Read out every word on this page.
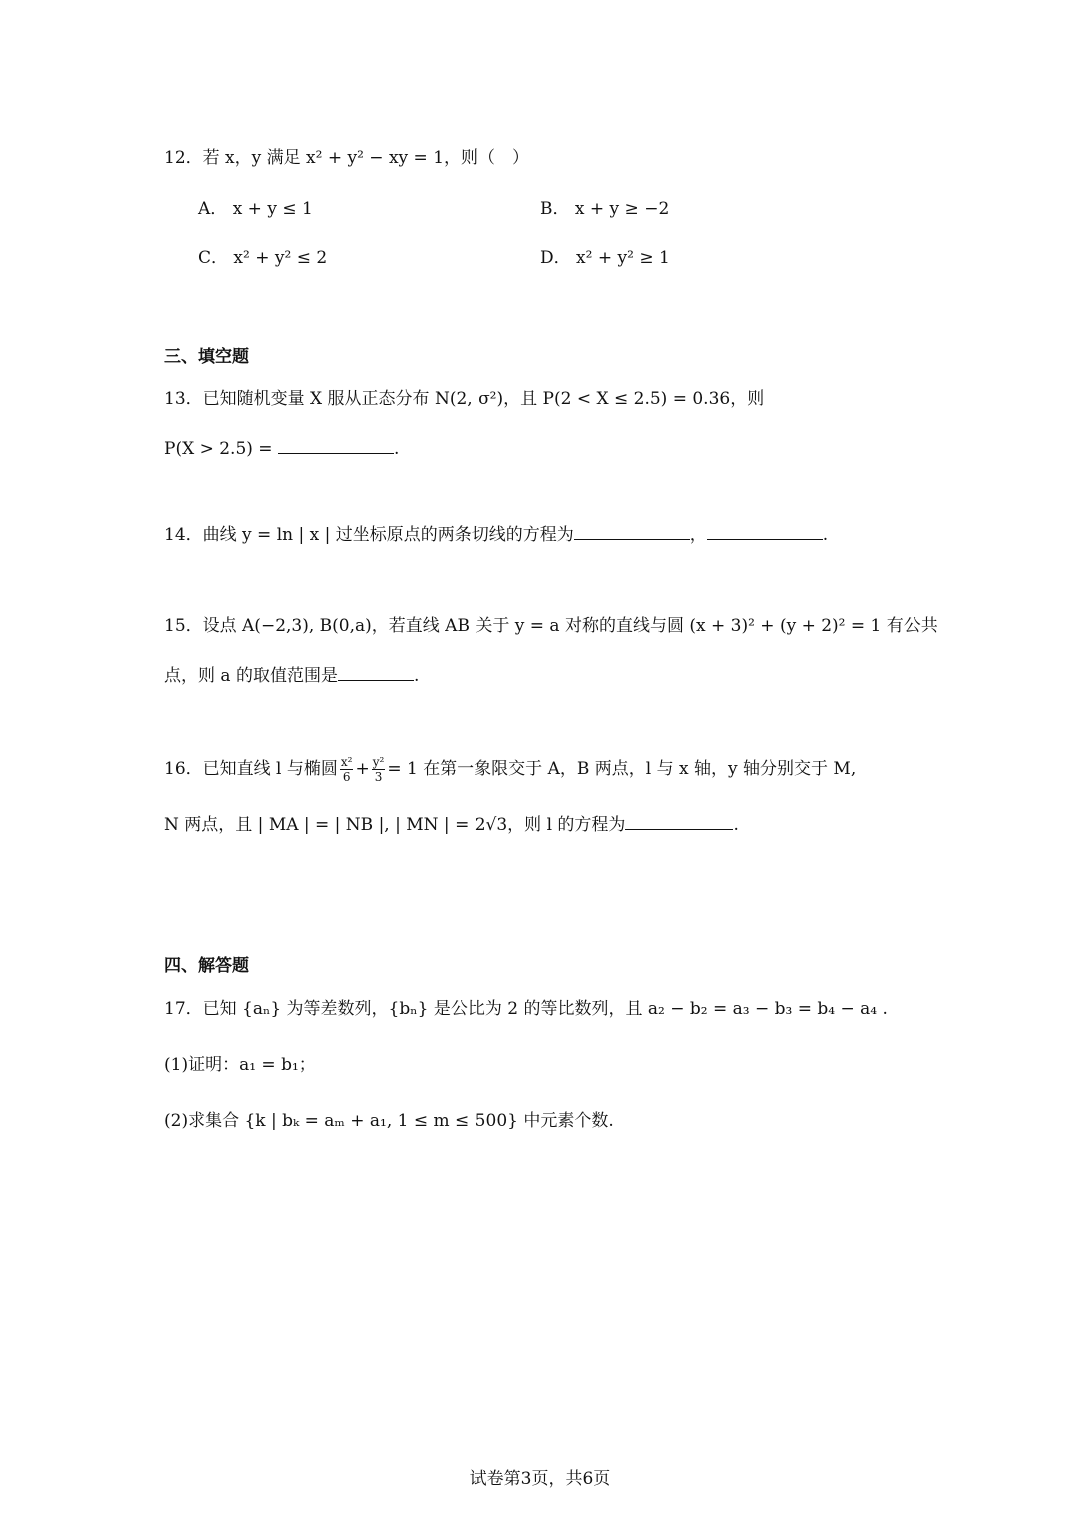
12．若 x，y 满足 x² + y² − xy = 1，则（　）
A． x + y ≤ 1	B． x + y ≥ −2
C． x² + y² ≤ 2	D． x² + y² ≥ 1
三、填空题
13．已知随机变量 X 服从正态分布 N(2, σ²)，且 P(2 < X ≤ 2.5) = 0.36，则
P(X > 2.5) =	.
14．曲线 y = ln | x | 过坐标原点的两条切线的方程为	，	.
15．设点 A(−2,3), B(0,a)，若直线 AB 关于 y = a 对称的直线与圆 (x + 3)² + (y + 2)² = 1 有公共
点，则 a 的取值范围是	.
16．已知直线 l 与椭圆 $\frac{\text{x²}}{6} + \frac{\text{y²}}{3} = 1$ 在第一象限交于 A，B 两点，l 与 x 轴，y 轴分别交于 M,
N 两点，且 | MA | = | NB |, | MN | = 2√3，则 l 的方程为	.
四、解答题
17．已知 {aₙ} 为等差数列，{bₙ} 是公比为 2 的等比数列，且 a₂ − b₂ = a₃ − b₃ = b₄ − a₄ .
(1)证明：a₁ = b₁；
(2)求集合 {k | bₖ = aₘ + a₁, 1 ≤ m ≤ 500} 中元素个数.
试卷第3页，共6页
